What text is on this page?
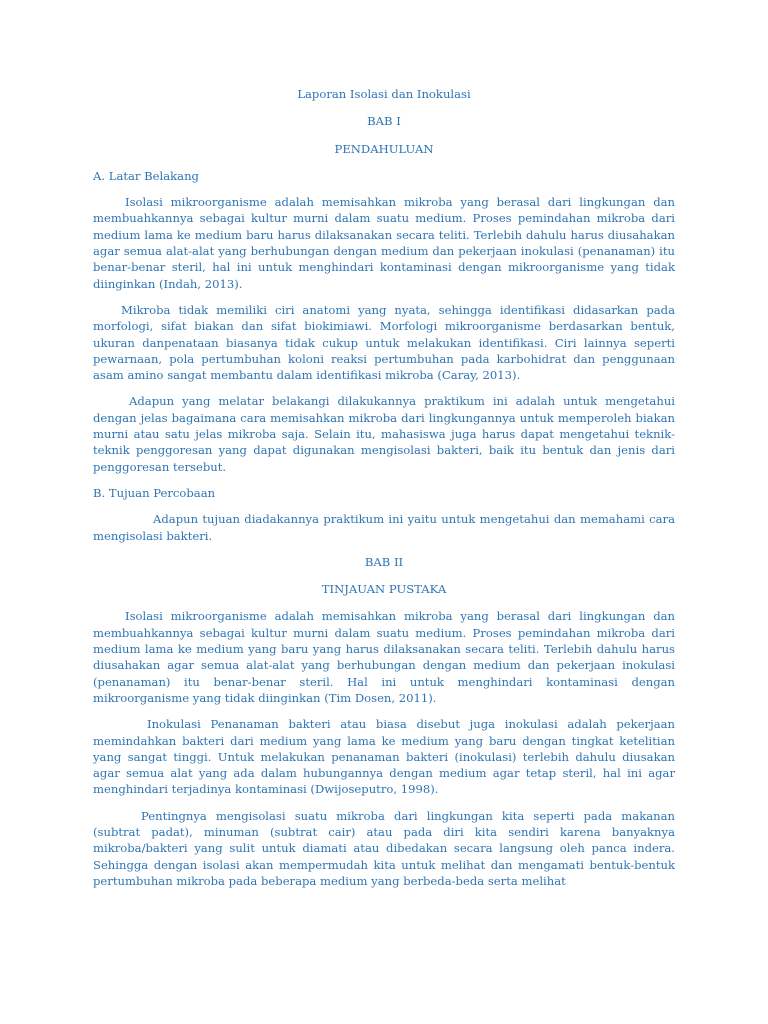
Laporan Isolasi dan Inokulasi
BAB I
PENDAHULUAN
A. Latar Belakang

Isolasi mikroorganisme adalah memisahkan mikroba yang berasal dari lingkungan dan membuahkannya sebagai kultur murni dalam suatu medium. Proses pemindahan mikroba dari medium lama ke medium baru harus dilaksanakan secara teliti. Terlebih dahulu harus diusahakan agar semua alat-alat yang berhubungan dengan medium dan pekerjaan inokulasi (penanaman) itu benar-benar steril, hal ini untuk menghindari kontaminasi dengan mikroorganisme yang tidak diinginkan (Indah, 2013).

Mikroba tidak memiliki ciri anatomi yang nyata, sehingga identifikasi didasarkan pada morfologi, sifat biakan dan sifat biokimiawi. Morfologi mikroorganisme berdasarkan bentuk, ukuran danpenataan biasanya tidak cukup untuk melakukan identifikasi. Ciri lainnya seperti pewarnaan, pola pertumbuhan koloni reaksi pertumbuhan pada karbohidrat dan penggunaan asam amino sangat membantu dalam identifikasi mikroba (Caray, 2013).

Adapun yang melatar belakangi dilakukannya praktikum ini adalah untuk mengetahui dengan jelas bagaimana cara memisahkan mikroba dari lingkungannya untuk memperoleh biakan murni atau satu jelas mikroba saja. Selain itu, mahasiswa juga harus dapat mengetahui teknik-teknik penggoresan yang dapat digunakan mengisolasi bakteri, baik itu bentuk dan jenis dari penggoresan tersebut.

B. Tujuan Percobaan

Adapun tujuan diadakannya praktikum ini yaitu untuk mengetahui dan memahami cara mengisolasi bakteri.

BAB II
TINJAUAN PUSTAKA

Isolasi mikroorganisme adalah memisahkan mikroba yang berasal dari lingkungan dan membuahkannya sebagai kultur murni dalam suatu medium. Proses pemindahan mikroba dari medium lama ke medium yang baru yang harus dilaksanakan secara teliti. Terlebih dahulu harus diusahakan agar semua alat-alat yang berhubungan dengan medium dan pekerjaan inokulasi (penanaman) itu benar-benar steril. Hal ini untuk menghindari kontaminasi dengan mikroorganisme yang tidak diinginkan (Tim Dosen, 2011).

Inokulasi Penanaman bakteri atau biasa disebut juga inokulasi adalah pekerjaan memindahkan bakteri dari medium yang lama ke medium yang baru dengan tingkat ketelitian yang sangat tinggi. Untuk melakukan penanaman bakteri (inokulasi) terlebih dahulu diusakan agar semua alat yang ada dalam hubungannya dengan medium agar tetap steril, hal ini agar menghindari terjadinya kontaminasi (Dwijoseputro, 1998).

Pentingnya mengisolasi suatu mikroba dari lingkungan kita seperti pada makanan (subtrat padat), minuman (subtrat cair) atau pada diri kita sendiri karena banyaknya mikroba/bakteri yang sulit untuk diamati atau dibedakan secara langsung oleh panca indera. Sehingga dengan isolasi akan mempermudah kita untuk melihat dan mengamati bentuk-bentuk pertumbuhan mikroba pada beberapa medium yang berbeda-beda serta melihat
